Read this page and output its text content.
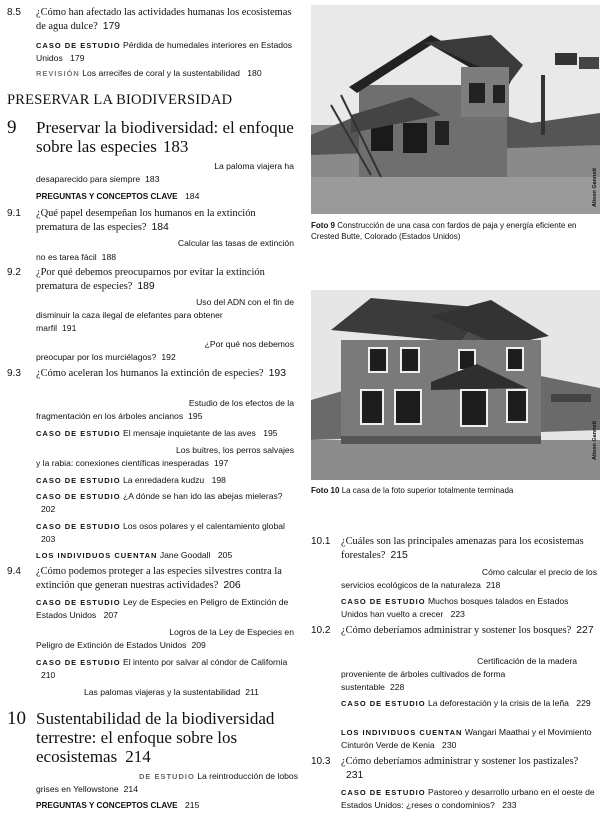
8.5 ¿Cómo han afectado las actividades humanas los ecosistemas de agua dulce? 179
CASO DE ESTUDIO Pérdida de humedales interiores en Estados Unidos 179
REVISIÓN Los arrecifes de coral y la sustentabilidad 180
PRESERVAR LA BIODIVERSIDAD
9 Preservar la biodiversidad: el enfoque sobre las especies 183
La paloma viajera ha
desaparecido para siempre 183
PREGUNTAS Y CONCEPTOS CLAVE 184
9.1 ¿Qué papel desempeñan los humanos en la extinción prematura de las especies? 184
Calcular las tasas de extinción
no es tarea fácil 188
9.2 ¿Por qué debemos preocuparnos por evitar la extinción prematura de especies? 189
Uso del ADN con el fin de
disminuir la caza ilegal de elefantes para obtener
marfil 191
¿Por qué nos debemos
preocupar por los murciélagos? 192
9.3 ¿Cómo aceleran los humanos la extinción de especies? 193
Estudio de los efectos de la
fragmentación en los árboles ancianos 195
CASO DE ESTUDIO El mensaje inquietante de las aves 195
Los buitres, los perros salvajes
y la rabia: conexiones científicas inesperadas 197
CASO DE ESTUDIO La enredadera kudzu 198
CASO DE ESTUDIO ¿A dónde se han ido las abejas mieleras? 202
CASO DE ESTUDIO Los osos polares y el calentamiento global 203
LOS INDIVIDUOS CUENTAN Jane Goodall 205
9.4 ¿Cómo podemos proteger a las especies silvestres contra la extinción que generan nuestras actividades? 206
CASO DE ESTUDIO Ley de Especies en Peligro de Extinción de Estados Unidos 207
Logros de la Ley de Especies en
Peligro de Extinción de Estados Unidos 209
CASO DE ESTUDIO El intento por salvar al cóndor de California 210
Las palomas viajeras y la sustentabilidad 211
10 Sustentabilidad de la biodiversidad terrestre: el enfoque sobre los ecosistemas 214
DE ESTUDIO La reintroducción de lobos
grises en Yellowstone 214
PREGUNTAS Y CONCEPTOS CLAVE 215
Alison Gannett
Foto 9 Construcción de una casa con fardos de paja y energía eficiente en Crested Butte, Colorado (Estados Unidos)
Alison Gannett
Foto 10 La casa de la foto superior totalmente terminada
10.1 ¿Cuáles son las principales amenazas para los ecosistemas forestales? 215
Cómo calcular el precio de los
servicios ecológicos de la naturaleza 218
CASO DE ESTUDIO Muchos bosques talados en Estados Unidos han vuelto a crecer 223
10.2 ¿Cómo deberíamos administrar y sostener los bosques? 227
Certificación de la madera
proveniente de árboles cultivados de forma
sustentable 228
CASO DE ESTUDIO La deforestación y la crisis de la leña 229
LOS INDIVIDUOS CUENTAN Wangari Maathai y el Movimiento Cinturón Verde de Kenia 230
10.3 ¿Cómo deberíamos administrar y sostener los pastizales?231
CASO DE ESTUDIO Pastoreo y desarrollo urbano en el oeste de Estados Unidos: ¿reses o condominios? 233
